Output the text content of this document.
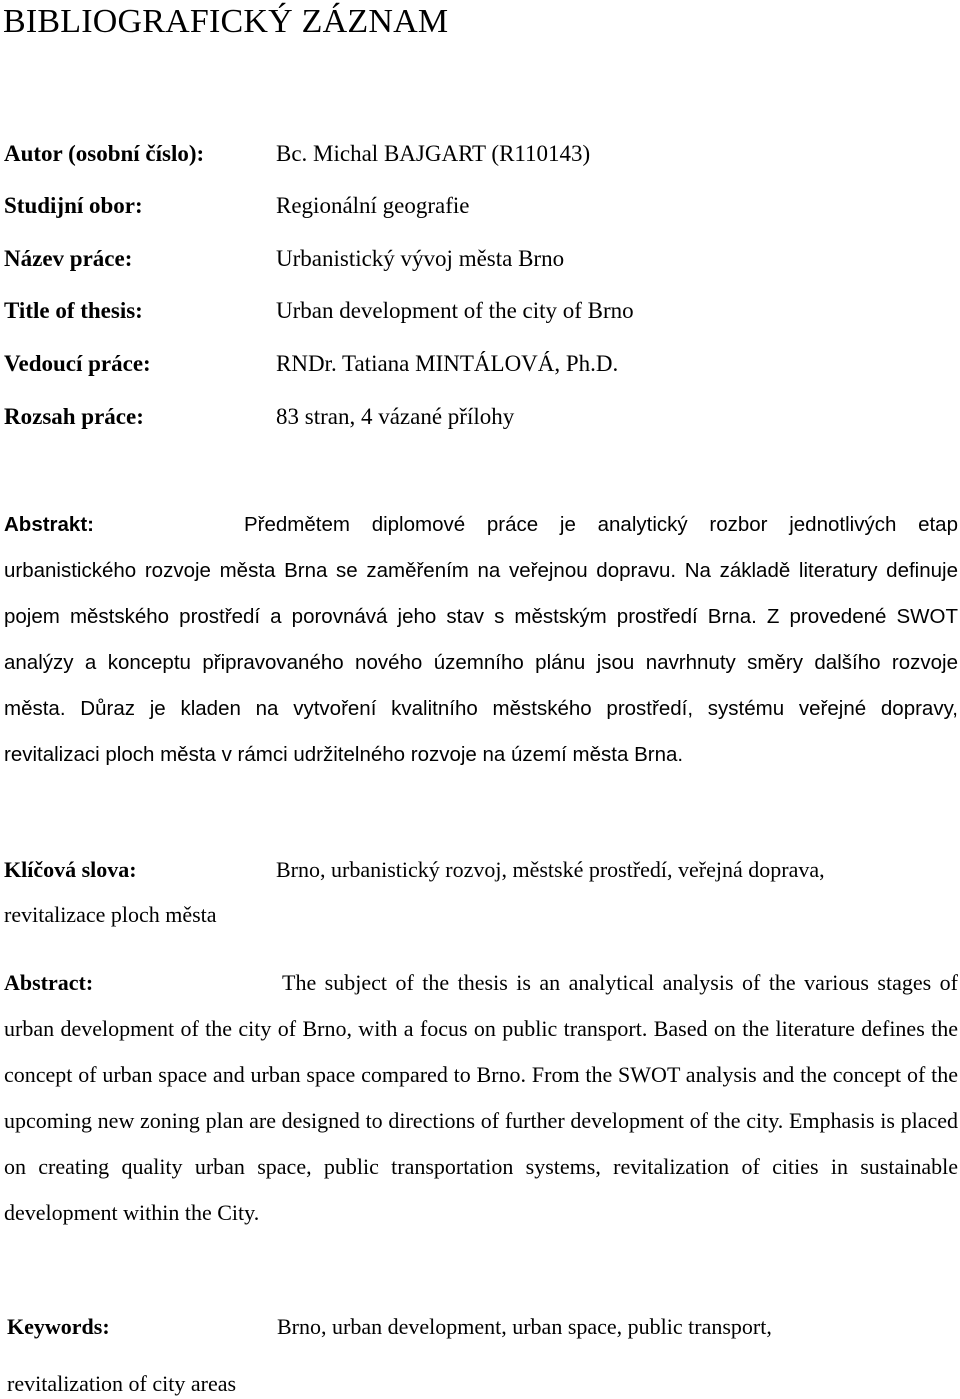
BIBLIOGRAFICKÝ ZÁZNAM
Autor (osobní číslo):	Bc. Michal BAJGART (R110143)
Studijní obor:	Regionální geografie
Název práce:	Urbanistický vývoj města Brno
Title of thesis:	Urban development of the city of Brno
Vedoucí práce:	RNDr. Tatiana MINTÁLOVÁ, Ph.D.
Rozsah práce:	83 stran, 4 vázané přílohy
Abstrakt:	Předmětem diplomové práce je analytický rozbor jednotlivých etap urbanistického rozvoje města Brna se zaměřením na veřejnou dopravu. Na základě literatury definuje pojem městského prostředí a porovnává jeho stav s městským prostředí Brna. Z provedené SWOT analýzy a konceptu připravovaného nového územního plánu jsou navrhnuty směry dalšího rozvoje města. Důraz je kladen na vytvoření kvalitního městského prostředí, systému veřejné dopravy, revitalizaci ploch města v rámci udržitelného rozvoje na území města Brna.
Klíčová slova:	Brno, urbanistický rozvoj, městské prostředí, veřejná doprava,
revitalizace ploch města
Abstract:	The subject of the thesis is an analytical analysis of the various stages of urban development of the city of Brno, with a focus on public transport. Based on the literature defines the concept of urban space and urban space compared to Brno. From the SWOT analysis and the concept of the upcoming new zoning plan are designed to directions of further development of the city. Emphasis is placed on creating quality urban space, public transportation systems, revitalization of cities in sustainable development within the City.
Keywords:	Brno, urban development, urban space, public transport,
revitalization of city areas
